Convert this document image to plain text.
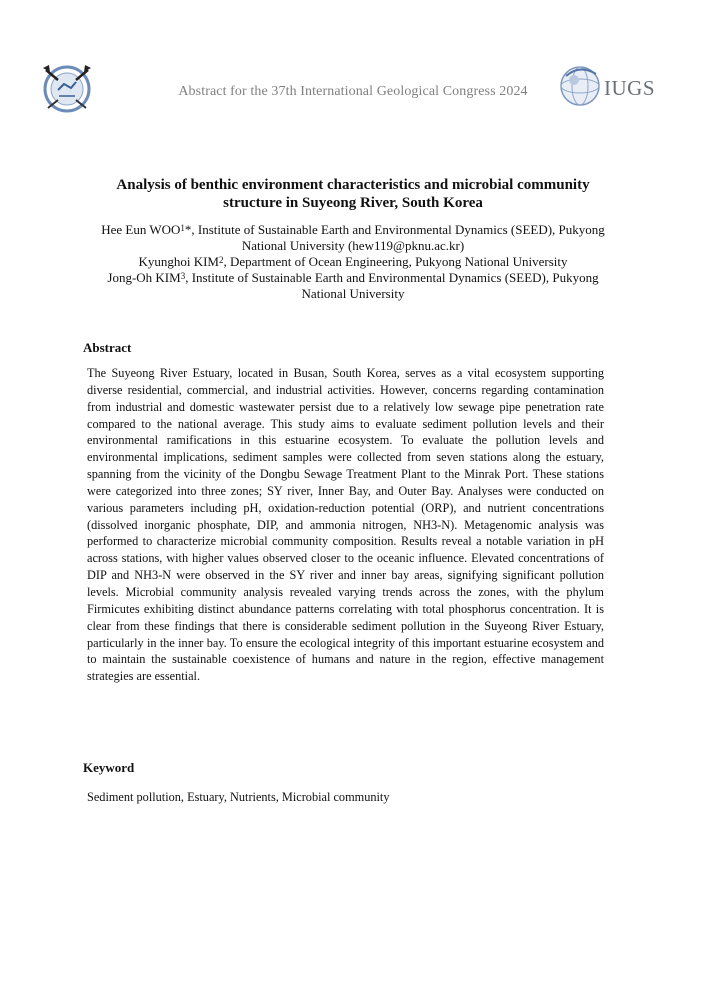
Abstract for the 37th International Geological Congress 2024	IUGS
Analysis of benthic environment characteristics and microbial community
structure in Suyeong River, South Korea
Hee Eun WOO$^1$*, Institute of Sustainable Earth and Environmental Dynamics (SEED), Pukyong
National University (hew119@pknu.ac.kr)
Kyunghoi KIM$^2$, Department of Ocean Engineering, Pukyong National University
Jong-Oh KIM$^3$, Institute of Sustainable Earth and Environmental Dynamics (SEED), Pukyong
National University
Abstract
The Suyeong River Estuary, located in Busan, South Korea, serves as a vital ecosystem supporting diverse residential, commercial, and industrial activities. However, concerns regarding contamination from industrial and domestic wastewater persist due to a relatively low sewage pipe penetration rate compared to the national average. This study aims to evaluate sediment pollution levels and their environmental ramifications in this estuarine ecosystem. To evaluate the pollution levels and environmental implications, sediment samples were collected from seven stations along the estuary, spanning from the vicinity of the Dongbu Sewage Treatment Plant to the Minrak Port. These stations were categorized into three zones; SY river, Inner Bay, and Outer Bay. Analyses were conducted on various parameters including pH, oxidation-reduction potential (ORP), and nutrient concentrations (dissolved inorganic phosphate, DIP, and ammonia nitrogen, NH3-N). Metagenomic analysis was performed to characterize microbial community composition. Results reveal a notable variation in pH across stations, with higher values observed closer to the oceanic influence. Elevated concentrations of DIP and NH3-N were observed in the SY river and inner bay areas, signifying significant pollution levels. Microbial community analysis revealed varying trends across the zones, with the phylum Firmicutes exhibiting distinct abundance patterns correlating with total phosphorus concentration. It is clear from these findings that there is considerable sediment pollution in the Suyeong River Estuary, particularly in the inner bay. To ensure the ecological integrity of this important estuarine ecosystem and to maintain the sustainable coexistence of humans and nature in the region, effective management strategies are essential.
Keyword
Sediment pollution, Estuary, Nutrients, Microbial community
